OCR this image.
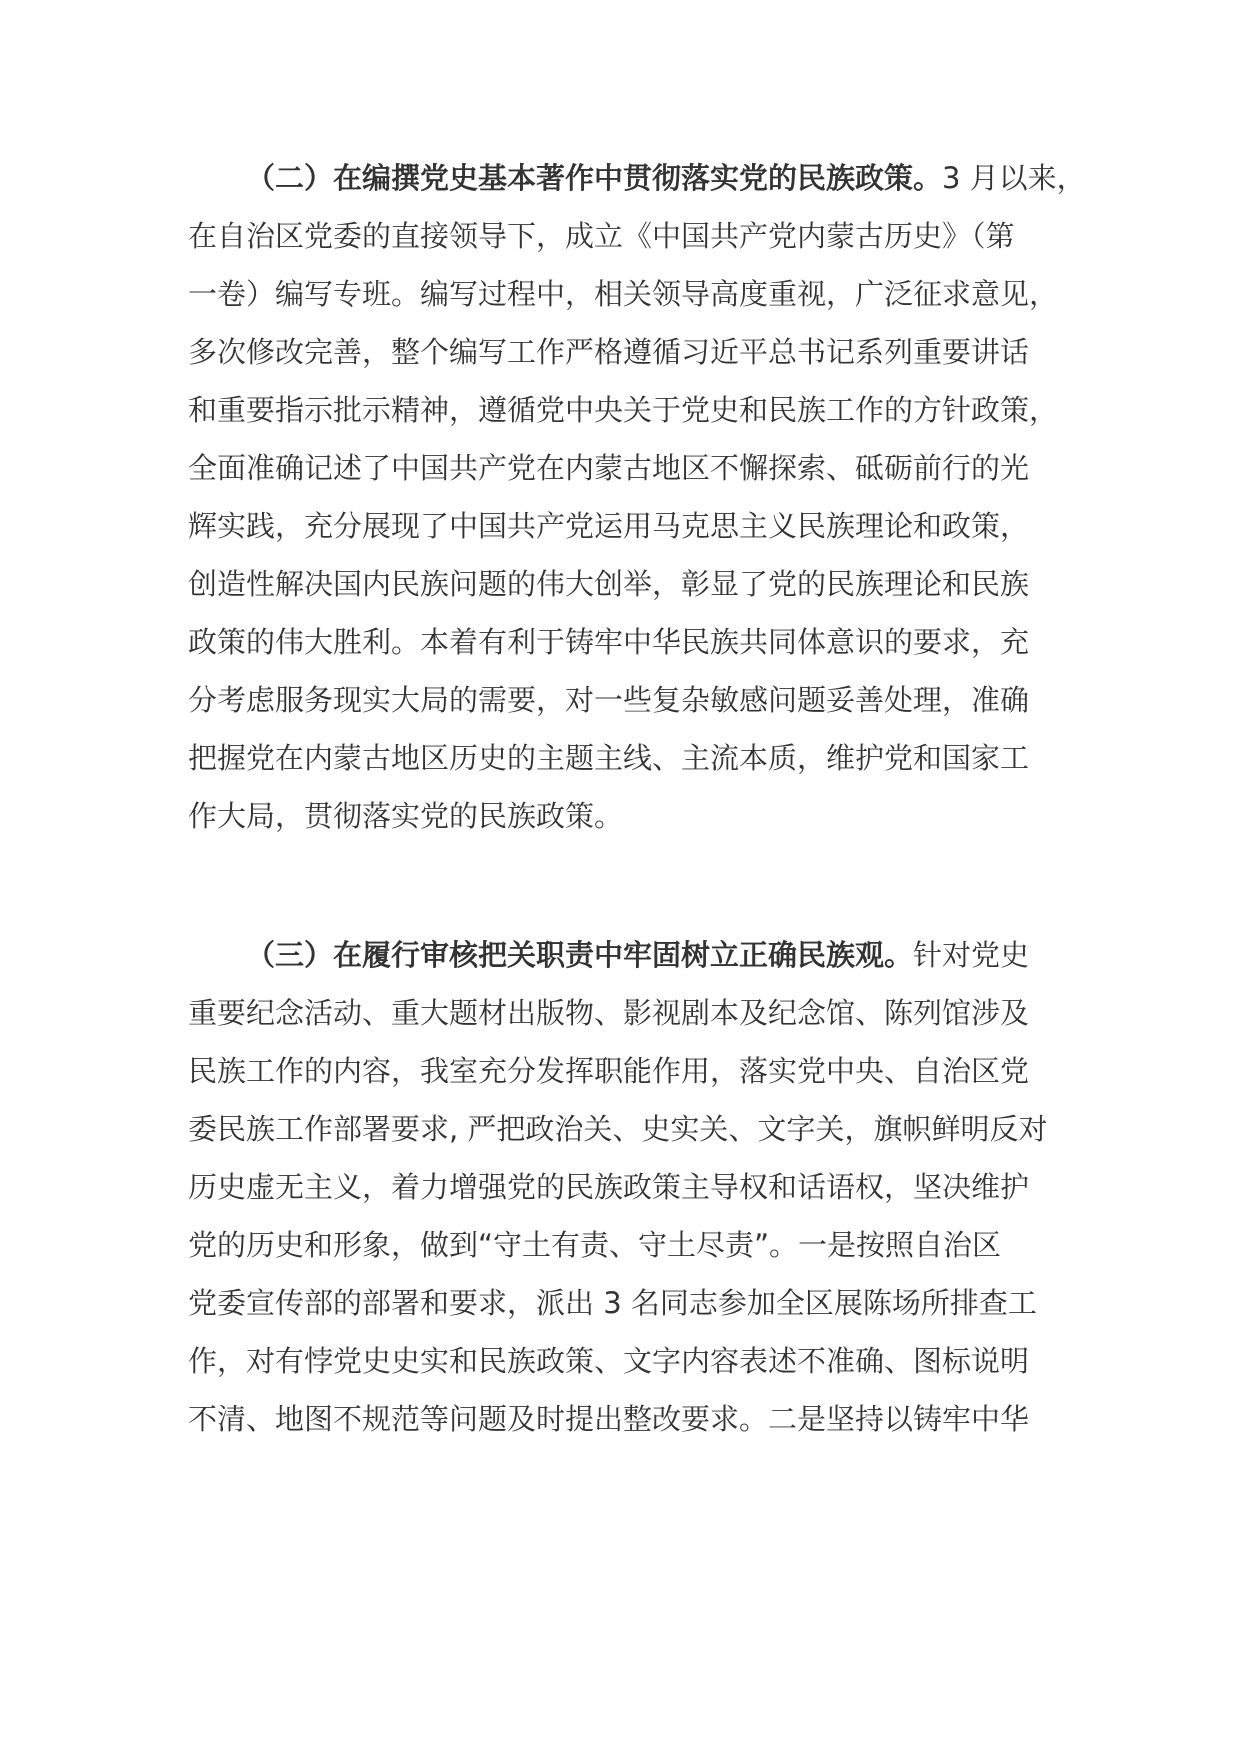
（二）在编撰党史基本著作中贯彻落实党的民族政策。3 月以来，
在自治区党委的直接领导下，成立《中国共产党内蒙古历史》（第
一卷）编写专班。编写过程中，相关领导高度重视，广泛征求意见，
多次修改完善，整个编写工作严格遵循习近平总书记系列重要讲话
和重要指示批示精神，遵循党中央关于党史和民族工作的方针政策，
全面准确记述了中国共产党在内蒙古地区不懈探索、砥砺前行的光
辉实践，充分展现了中国共产党运用马克思主义民族理论和政策，
创造性解决国内民族问题的伟大创举，彰显了党的民族理论和民族
政策的伟大胜利。本着有利于铸牢中华民族共同体意识的要求，充
分考虑服务现实大局的需要，对一些复杂敏感问题妥善处理，准确
把握党在内蒙古地区历史的主题主线、主流本质，维护党和国家工
作大局，贯彻落实党的民族政策。
（三）在履行审核把关职责中牢固树立正确民族观。针对党史
重要纪念活动、重大题材出版物、影视剧本及纪念馆、陈列馆涉及
民族工作的内容，我室充分发挥职能作用，落实党中央、自治区党
委民族工作部署要求, 严把政治关、史实关、文字关，旗帜鲜明反对
历史虚无主义，着力增强党的民族政策主导权和话语权，坚决维护
党的历史和形象，做到“守土有责、守土尽责”。一是按照自治区
党委宣传部的部署和要求，派出 3 名同志参加全区展陈场所排查工
作，对有悖党史史实和民族政策、文字内容表述不准确、图标说明
不清、地图不规范等问题及时提出整改要求。二是坚持以铸牢中华
